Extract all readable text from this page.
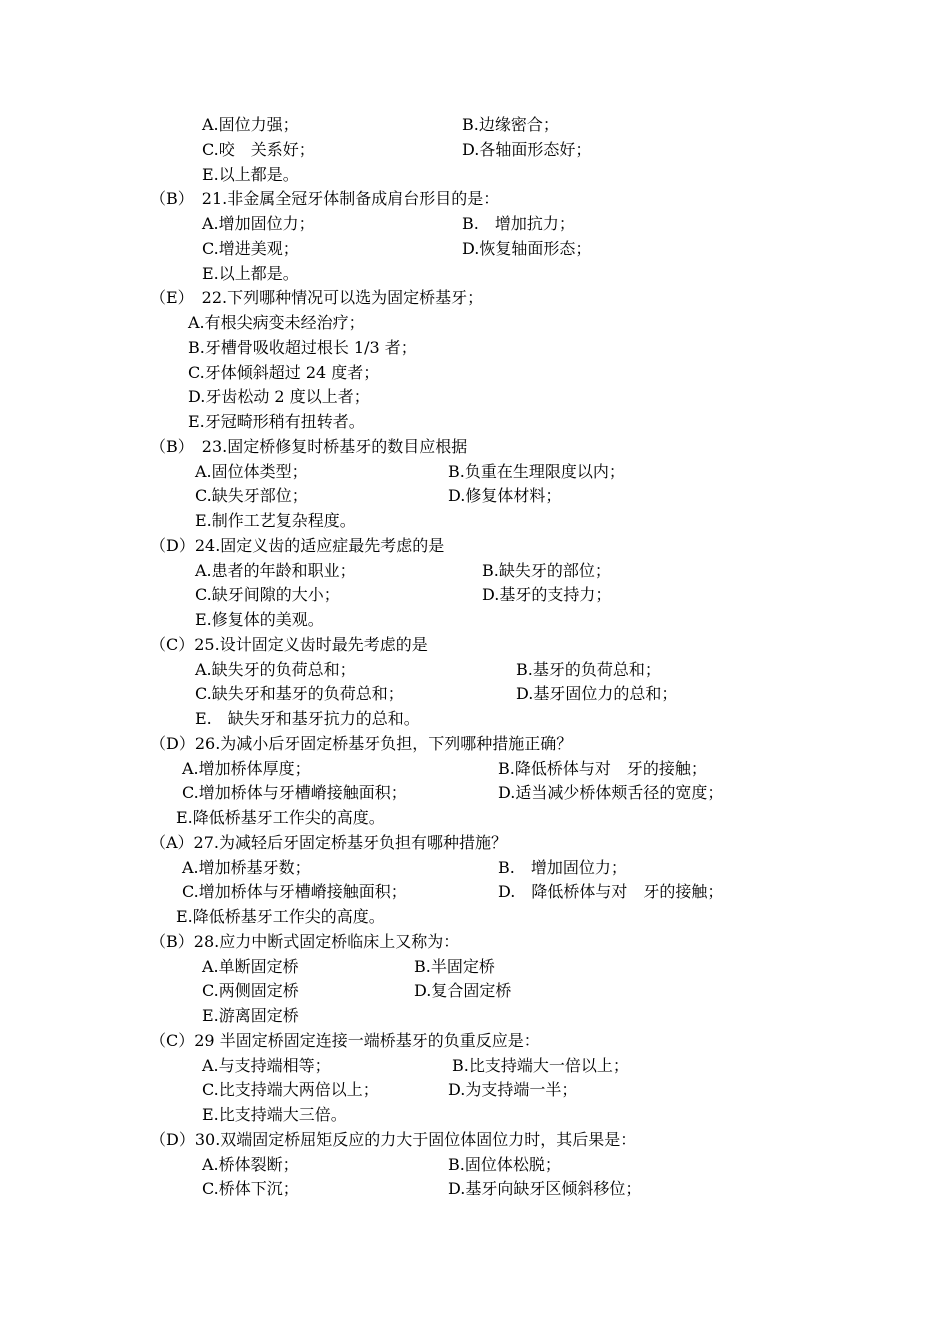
A.固位力强；	B.边缘密合；
C.咬　关系好；	D.各轴面形态好；
E.以上都是。
（B）　21.非金属全冠牙体制备成肩台形目的是：
A.增加固位力；	B.　增加抗力；
C.增进美观；	D.恢复轴面形态；
E.以上都是。
（E）　22.下列哪种情况可以选为固定桥基牙；
A.有根尖病变未经治疗；
B.牙槽骨吸收超过根长 1/3 者；
C.牙体倾斜超过 24 度者；
D.牙齿松动 2 度以上者；
E.牙冠畸形稍有扭转者。
（B）　23.固定桥修复时桥基牙的数目应根据
A.固位体类型；	B.负重在生理限度以内；
C.缺失牙部位；	D.修复体材料；
E.制作工艺复杂程度。
（D）24.固定义齿的适应症最先考虑的是
A.患者的年龄和职业；	B.缺失牙的部位；
C.缺牙间隙的大小；	D.基牙的支持力；
E.修复体的美观。
（C）25.设计固定义齿时最先考虑的是
A.缺失牙的负荷总和；	B.基牙的负荷总和；
C.缺失牙和基牙的负荷总和；	D.基牙固位力的总和；
E.　缺失牙和基牙抗力的总和。
（D）26.为减小后牙固定桥基牙负担，下列哪种措施正确？
A.增加桥体厚度；	B.降低桥体与对　牙的接触；
C.增加桥体与牙槽嵴接触面积；	D.适当减少桥体颊舌径的宽度；
E.降低桥基牙工作尖的高度。
（A）27.为减轻后牙固定桥基牙负担有哪种措施？
A.增加桥基牙数；	B.　增加固位力；
C.增加桥体与牙槽嵴接触面积；	D.　降低桥体与对　牙的接触；
E.降低桥基牙工作尖的高度。
（B）28.应力中断式固定桥临床上又称为：
A.单断固定桥	B.半固定桥
C.两侧固定桥	D.复合固定桥
E.游离固定桥
（C）29 半固定桥固定连接一端桥基牙的负重反应是：
A.与支持端相等；	B.比支持端大一倍以上；
C.比支持端大两倍以上；	D.为支持端一半；
E.比支持端大三倍。
（D）30.双端固定桥屈矩反应的力大于固位体固位力时，其后果是：
A.桥体裂断；	B.固位体松脱；
C.桥体下沉；	D.基牙向缺牙区倾斜移位；
